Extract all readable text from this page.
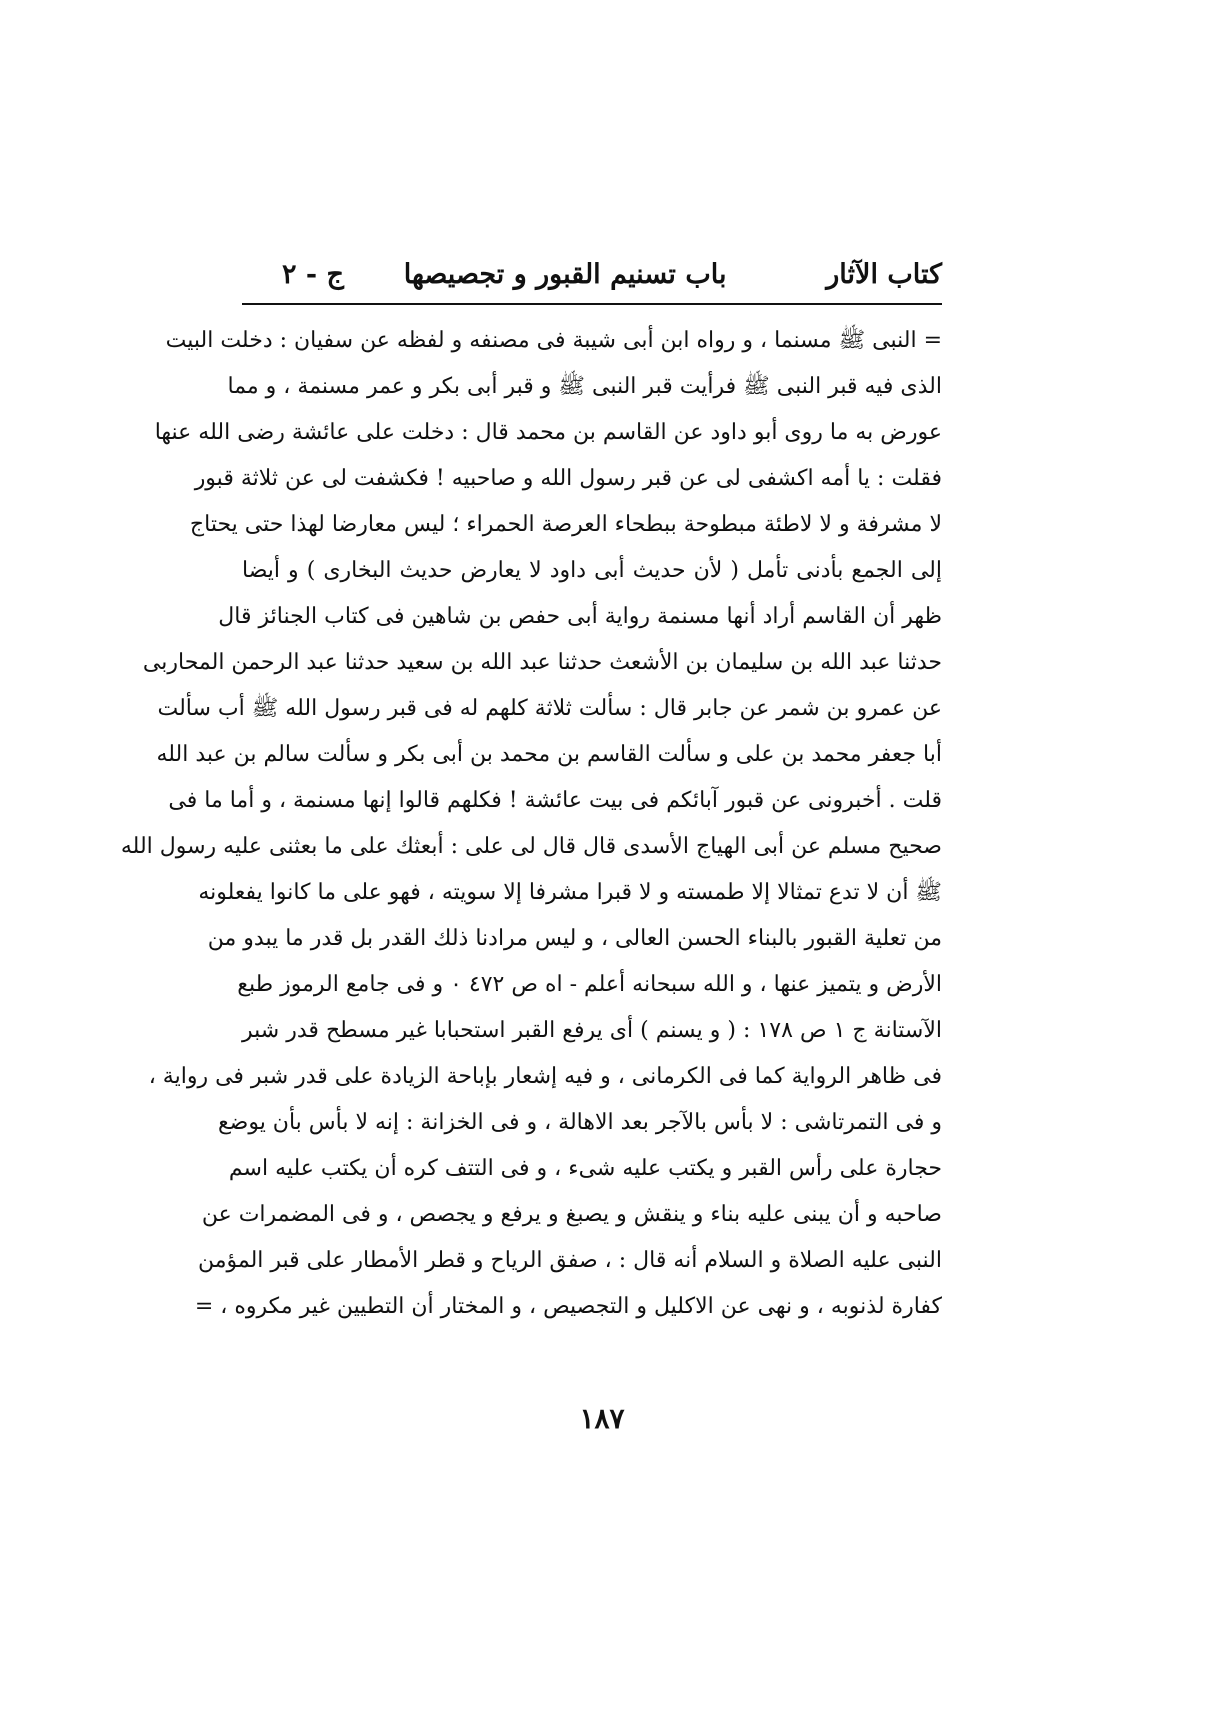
كتاب الآثار
باب تسنيم القبور و تجصيصها
ج - ٢
= النبى ﷺ مسنما ، و رواه ابن أبى شيبة فى مصنفه و لفظه عن سفيان : دخلت البيت
الذى فيه قبر النبى ﷺ فرأيت قبر النبى ﷺ و قبر أبى بكر و عمر مسنمة ، و مما
عورض به ما روى أبو داود عن القاسم بن محمد قال : دخلت على عائشة رضى الله عنها
فقلت : يا أمه اكشفى لى عن قبر رسول الله و صاحبيه ! فكشفت لى عن ثلاثة قبور
لا مشرفة و لا لاطئة مبطوحة ببطحاء العرصة الحمراء ؛ ليس معارضا لهذا حتى يحتاج
إلى الجمع بأدنى تأمل ( لأن حديث أبى داود لا يعارض حديث البخارى ) و أيضا
ظهر أن القاسم أراد أنها مسنمة رواية أبى حفص بن شاهين فى كتاب الجنائز قال
حدثنا عبد الله بن سليمان بن الأشعث حدثنا عبد الله بن سعيد حدثنا عبد الرحمن المحاربى
عن عمرو بن شمر عن جابر قال : سألت ثلاثة كلهم له فى قبر رسول الله ﷺ أب سألت
أبا جعفر محمد بن على و سألت القاسم بن محمد بن أبى بكر و سألت سالم بن عبد الله
قلت . أخبرونى عن قبور آبائكم فى بيت عائشة ! فكلهم قالوا إنها مسنمة ، و أما ما فى
صحيح مسلم عن أبى الهياج الأسدى قال قال لى على : أبعثك على ما بعثنى عليه رسول الله
ﷺ أن لا تدع تمثالا إلا طمسته و لا قبرا مشرفا إلا سويته ، فهو على ما كانوا يفعلونه
من تعلية القبور بالبناء الحسن العالى ، و ليس مرادنا ذلك القدر بل قدر ما يبدو من
الأرض و يتميز عنها ، و الله سبحانه أعلم - اه ص ٤٧٢ ٠ و فى جامع الرموز طبع
الآستانة ج ١ ص ١٧٨ : ( و يسنم ) أى يرفع القبر استحبابا غير مسطح قدر شبر
فى ظاهر الرواية كما فى الكرمانى ، و فيه إشعار بإباحة الزيادة على قدر شبر فى رواية ،
و فى التمرتاشى : لا بأس بالآجر بعد الاهالة ، و فى الخزانة : إنه لا بأس بأن يوضع
حجارة على رأس القبر و يكتب عليه شىء ، و فى التتف كره أن يكتب عليه اسم
صاحبه و أن يبنى عليه بناء و ينقش و يصبغ و يرفع و يجصص ، و فى المضمرات عن
النبى عليه الصلاة و السلام أنه قال : ، صفق الرياح و قطر الأمطار على قبر المؤمن
كفارة لذنوبه ، و نهى عن الاكليل و التجصيص ، و المختار أن التطيين غير مكروه ، =
١٨٧
